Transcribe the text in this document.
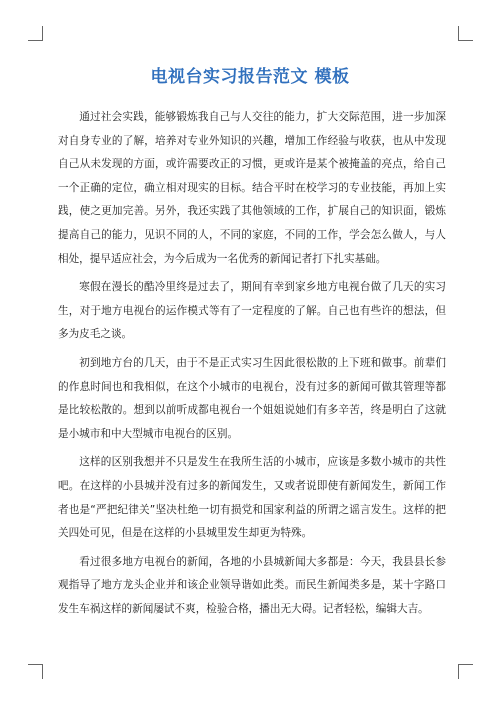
电视台实习报告范文 模板

通过社会实践，能够锻炼我自己与人交往的能力，扩大交际范围，进一步加深对自身专业的了解，培养对专业外知识的兴趣，增加工作经验与收获，也从中发现自己从未发现的方面，或许需要改正的习惯，更或许是某个被掩盖的亮点，给自己一个正确的定位，确立相对现实的目标。结合平时在校学习的专业技能，再加上实践，使之更加完善。另外，我还实践了其他领域的工作，扩展自己的知识面，锻炼提高自己的能力，见识不同的人，不同的家庭，不同的工作，学会怎么做人，与人相处，提早适应社会，为今后成为一名优秀的新闻记者打下扎实基础。

寒假在漫长的酷冷里终是过去了，期间有幸到家乡地方电视台做了几天的实习生，对于地方电视台的运作模式等有了一定程度的了解。自己也有些许的想法，但多为皮毛之谈。

初到地方台的几天，由于不是正式实习生因此很松散的上下班和做事。前辈们的作息时间也和我相似，在这个小城市的电视台，没有过多的新闻可做其管理等都是比较松散的。想到以前听成都电视台一个姐姐说她们有多辛苦，终是明白了这就是小城市和中大型城市电视台的区别。

这样的区别我想并不只是发生在我所生活的小城市，应该是多数小城市的共性吧。在这样的小县城并没有过多的新闻发生，又或者说即使有新闻发生，新闻工作者也是“严把纪律关”坚决杜绝一切有损党和国家利益的所谓之谣言发生。这样的把关四处可见，但是在这样的小县城里发生却更为特殊。

看过很多地方电视台的新闻，各地的小县城新闻大多都是：今天，我县县长参观指导了地方龙头企业并和该企业领导谐如此类。而民生新闻类多是，某十字路口发生车祸这样的新闻屡试不爽，检验合格，播出无大碍。记者轻松，编辑大吉。
